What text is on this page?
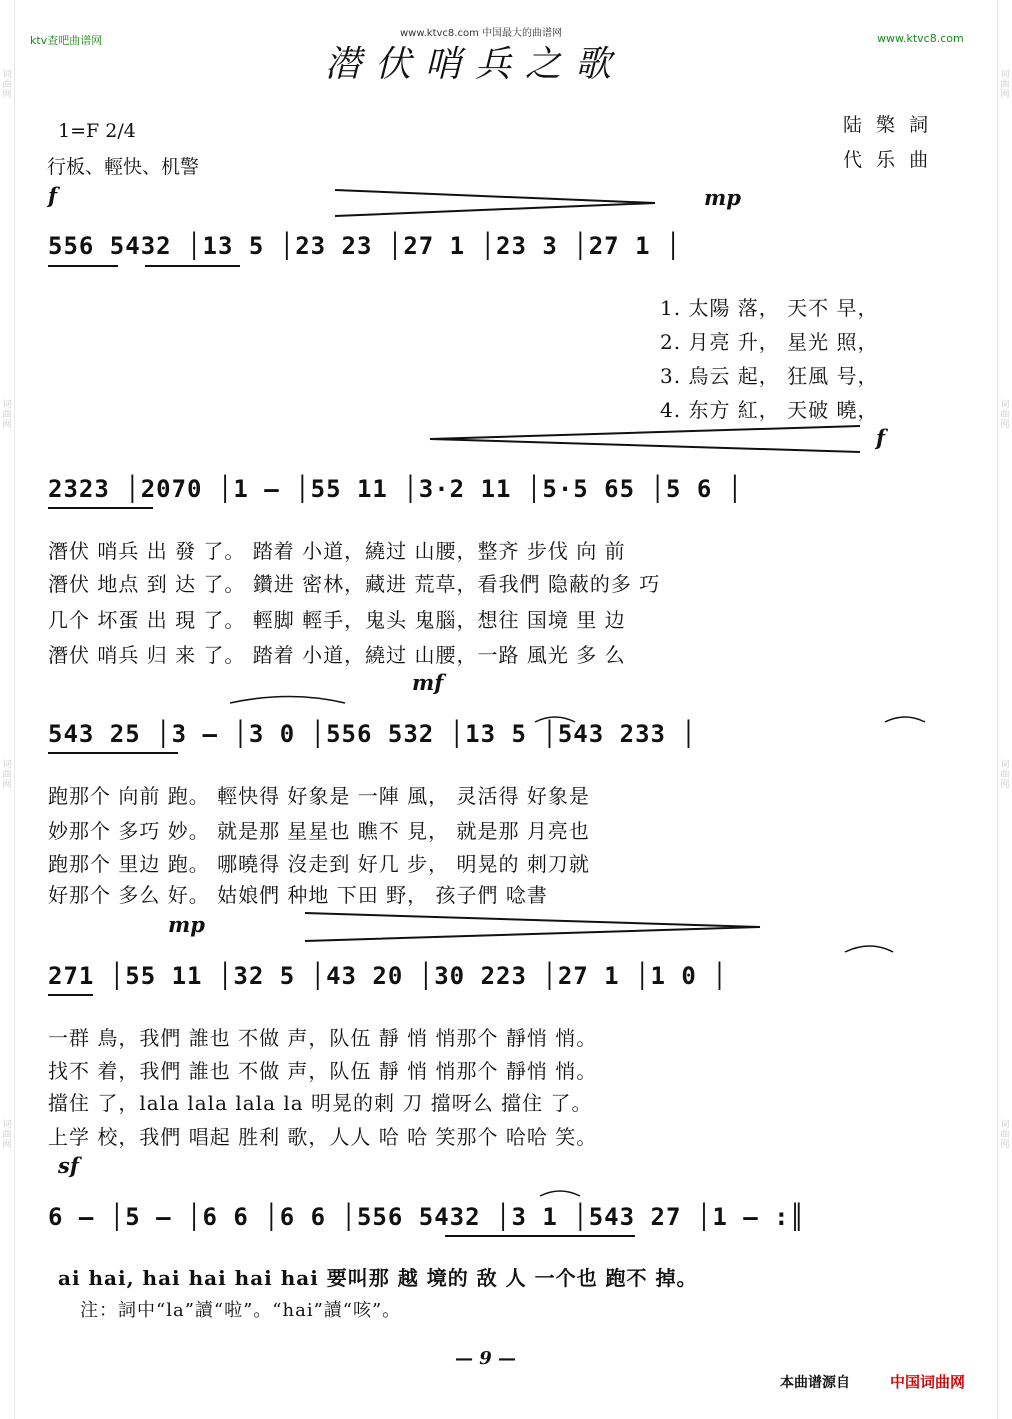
词曲网
词曲网
词曲网
词曲网
词曲网
词曲网
词曲网
词曲网
ktv查吧曲谱网	www.ktvc8.com
www.ktvc8.com 中国最大的曲谱网
潜伏哨兵之歌
1=F 2/4
行板、輕快、机警
陆 檠 詞
代 乐 曲
f	mp
f
mf
mp
sf
556 5432 │13 5 │23 23 │27 1 │23 3 │27 1 │
1. 太陽 落， 天不 早，
2. 月亮 升， 星光 照，
3. 烏云 起， 狂風 号，
4. 东方 紅， 天破 曉，
2323 │2070 │1 — │55 11 │3·2 11 │5·5 65 │5 6 │
潛伏 哨兵 出 發 了。 踏着 小道，繞过 山腰，整齐 步伐 向 前
潛伏 地点 到 达 了。 鑽进 密林，藏进 荒草，看我們 隐蔽的多 巧
几个 坏蛋 出 現 了。 輕脚 輕手，鬼头 鬼腦，想往 国境 里 边
潛伏 哨兵 归 来 了。 踏着 小道，繞过 山腰，一路 風光 多 么
543 25 │3 — │3 0 │556 532 │13 5 │543 233 │
跑那个 向前 跑。 輕快得 好象是 一陣 風， 灵活得 好象是
妙那个 多巧 妙。 就是那 星星也 瞧不 見， 就是那 月亮也
跑那个 里边 跑。 哪曉得 沒走到 好几 步， 明晃的 刺刀就
好那个 多么 好。 姑娘們 种地 下田 野， 孩子們 唸書
271 │55 11 │32 5 │43 20 │30 223 │27 1 │1 0 │
一群 鳥，我們 誰也 不做 声，队伍 靜 悄 悄那个 靜悄 悄。
找不 着，我們 誰也 不做 声，队伍 靜 悄 悄那个 靜悄 悄。
擋住 了，lala lala lala la 明晃的刺 刀 擋呀么 擋住 了。
上学 校，我們 唱起 胜利 歌，人人 哈 哈 笑那个 哈哈 笑。
6 — │5 — │6 6 │6 6 │556 5432 │3 1 │543 27 │1 — :║
ai hai, hai hai hai hai 要叫那 越 境的 敌 人 一个也 跑不 掉。
注：詞中“la”讀“啦”。“hai”讀“咳”。
— 9 —
本曲谱源自	中国词曲网
